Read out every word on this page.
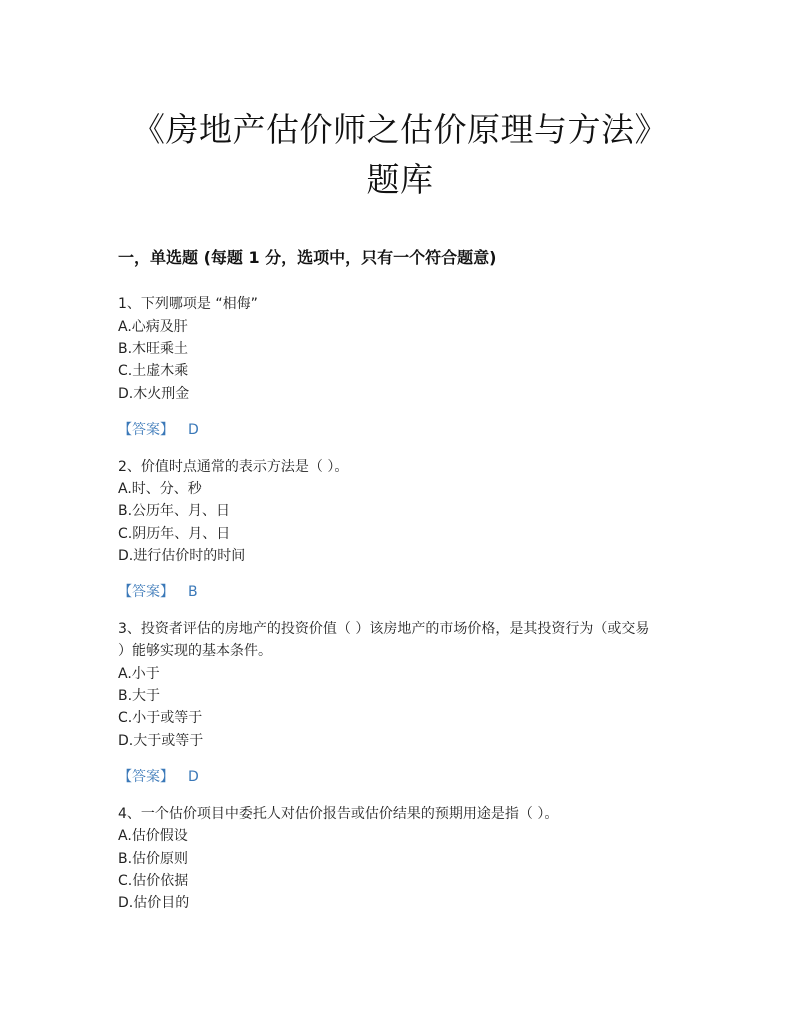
《房地产估价师之估价原理与方法》
题库
一，单选题 (每题 1 分，选项中，只有一个符合题意)
1、下列哪项是 “相侮”
A.心病及肝
B.木旺乘土
C.土虚木乘
D.木火刑金
【答案】 D
2、价值时点通常的表示方法是（ ）。
A.时、分、秒
B.公历年、月、日
C.阴历年、月、日
D.进行估价时的时间
【答案】 B
3、投资者评估的房地产的投资价值（ ）该房地产的市场价格，是其投资行为（或交易
）能够实现的基本条件。
A.小于
B.大于
C.小于或等于
D.大于或等于
【答案】 D
4、一个估价项目中委托人对估价报告或估价结果的预期用途是指（ ）。
A.估价假设
B.估价原则
C.估价依据
D.估价目的
